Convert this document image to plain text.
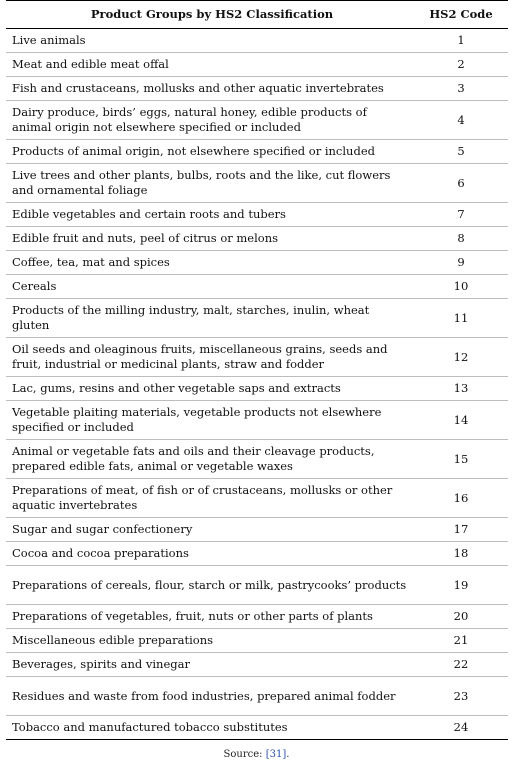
Product Groups by HS2 Classification	HS2 Code
Live animals	1
Meat and edible meat offal	2
Fish and crustaceans, mollusks and other aquatic invertebrates	3
Dairy produce, birds’ eggs, natural honey, edible products of animal origin not elsewhere specified or included	4
Products of animal origin, not elsewhere specified or included	5
Live trees and other plants, bulbs, roots and the like, cut flowers and ornamental foliage	6
Edible vegetables and certain roots and tubers	7
Edible fruit and nuts, peel of citrus or melons	8
Coffee, tea, mat and spices	9
Cereals	10
Products of the milling industry, malt, starches, inulin, wheat gluten	11
Oil seeds and oleaginous fruits, miscellaneous grains, seeds and fruit, industrial or medicinal plants, straw and fodder	12
Lac, gums, resins and other vegetable saps and extracts	13
Vegetable plaiting materials, vegetable products not elsewhere specified or included	14
Animal or vegetable fats and oils and their cleavage products, prepared edible fats, animal or vegetable waxes	15
Preparations of meat, of fish or of crustaceans, mollusks or other aquatic invertebrates	16
Sugar and sugar confectionery	17
Cocoa and cocoa preparations	18
Preparations of cereals, flour, starch or milk, pastrycooks’ products	19
Preparations of vegetables, fruit, nuts or other parts of plants	20
Miscellaneous edible preparations	21
Beverages, spirits and vinegar	22
Residues and waste from food industries, prepared animal fodder	23
Tobacco and manufactured tobacco substitutes	24
Source: [31].
